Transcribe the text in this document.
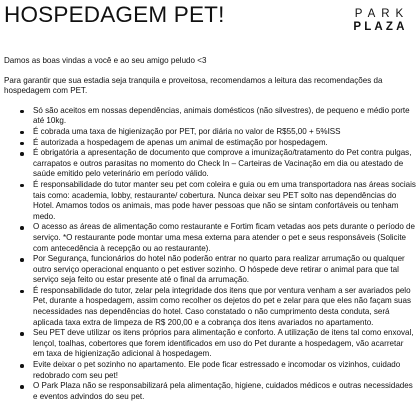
HOSPEDAGEM PET!	PARK
PLAZA

Damos as boas vindas a você e ao seu amigo peludo <3

Para garantir que sua estadia seja tranquila e proveitosa, recomendamos a leitura das recomendações da hospedagem com PET.

Só são aceitos em nossas dependências, animais domésticos (não silvestres), de pequeno e médio porte até 10kg.
É cobrada uma taxa de higienização por PET, por diária no valor de R$55,00 + 5%ISS
É autorizada a hospedagem de apenas um animal de estimação por hospedagem.
É obrigatória a apresentação de documento que comprove a imunização/tratamento do Pet contra pulgas, carrapatos e outros parasitas no momento do Check In – Carteiras de Vacinação em dia ou atestado de saúde emitido pelo veterinário em período válido.
É responsabilidade do tutor manter seu pet com coleira e guia ou em uma transportadora nas áreas sociais tais como: academia, lobby, restaurante/ cobertura. Nunca deixar seu PET solto nas dependências do Hotel. Amamos todos os animais, mas pode haver pessoas que não se sintam confortáveis ou tenham medo.
O acesso as áreas de alimentação como restaurante e Fortim ficam vetadas aos pets durante o período de serviço. *O restaurante pode montar uma mesa externa para atender o pet e seus responsáveis (Solicite com antecedência à recepção ou ao restaurante).
Por Segurança, funcionários do hotel não poderão entrar no quarto para realizar arrumação ou qualquer outro serviço operacional enquanto o pet estiver sozinho. O hóspede deve retirar o animal para que tal serviço seja feito ou estar presente até o final da arrumação.
É responsabilidade do tutor, zelar pela integridade dos itens que por ventura venham a ser avariados pelo Pet, durante a hospedagem, assim como recolher os dejetos do pet e zelar para que eles não façam suas necessidades nas dependências do hotel. Caso constatado o não cumprimento desta conduta, será aplicada taxa extra de limpeza de R$ 200,00 e a cobrança dos itens avariados no apartamento.
Seu PET deve utilizar os itens próprios para alimentação e conforto. A utilização de itens tal como enxoval, lençol, toalhas, cobertores que forem identificados em uso do Pet durante a hospedagem, vão acarretar em taxa de higienização adicional à hospedagem.
Evite deixar o pet sozinho no apartamento. Ele pode ficar estressado e incomodar os vizinhos, cuidado redobrado com seu pet!
O Park Plaza não se responsabilizará pela alimentação, higiene, cuidados médicos e outras necessidades e eventos advindos do seu pet.
